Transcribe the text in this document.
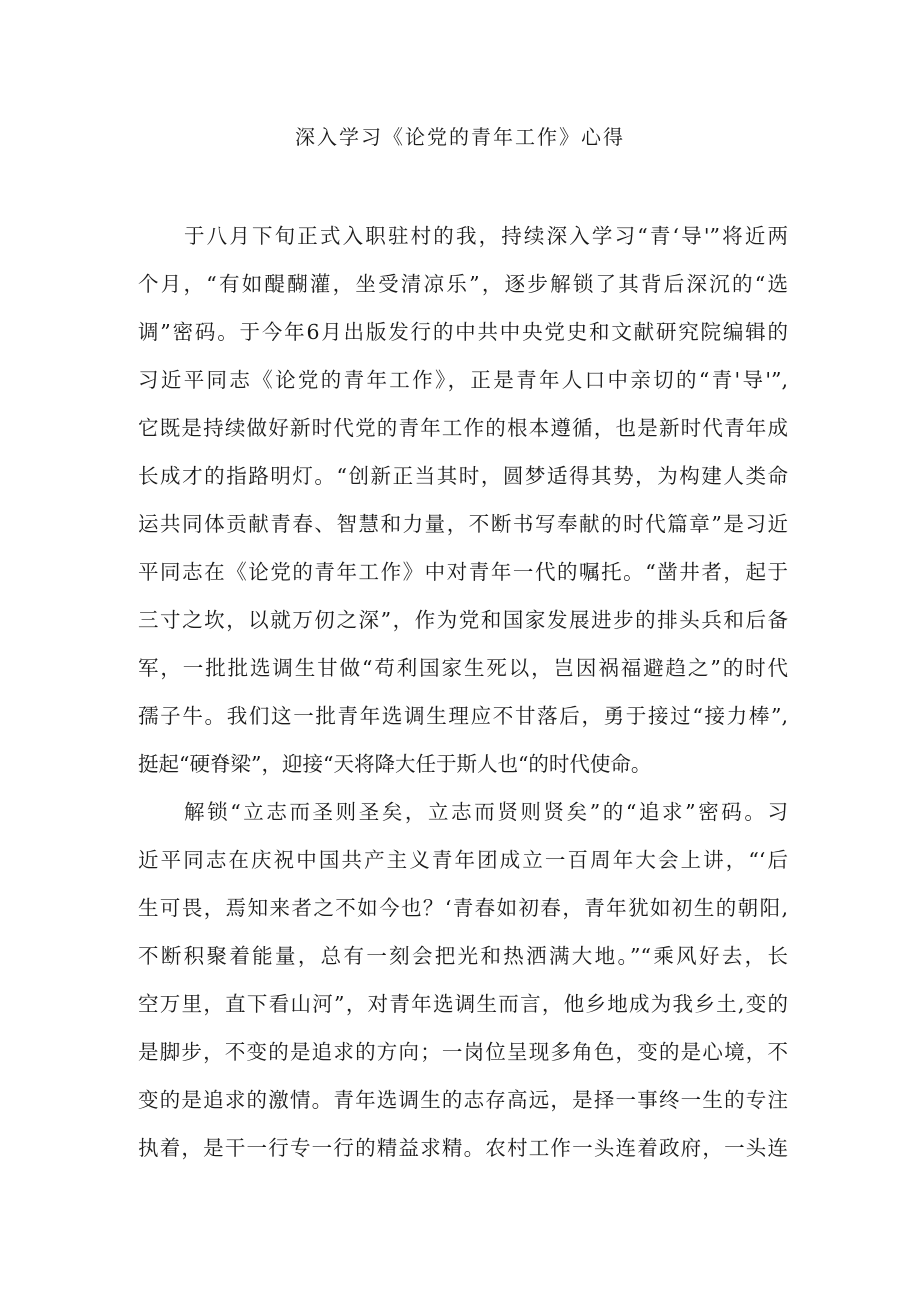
深入学习《论党的青年工作》心得
于八月下旬正式入职驻村的我，持续深入学习“青‘导'”将近两
个月，“有如醍醐灌，坐受清凉乐”，逐步解锁了其背后深沉的“选
调”密码。于今年6月出版发行的中共中央党史和文献研究院编辑的
习近平同志《论党的青年工作》，正是青年人口中亲切的“青'导'”,
它既是持续做好新时代党的青年工作的根本遵循，也是新时代青年成
长成才的指路明灯。“创新正当其时，圆梦适得其势，为构建人类命
运共同体贡献青春、智慧和力量，不断书写奉献的时代篇章”是习近
平同志在《论党的青年工作》中对青年一代的嘱托。“凿井者，起于
三寸之坎，以就万仞之深”，作为党和国家发展进步的排头兵和后备
军，一批批选调生甘做“苟利国家生死以，岂因祸福避趋之”的时代
孺子牛。我们这一批青年选调生理应不甘落后，勇于接过“接力棒”,
挺起“硬脊梁”，迎接“天将降大任于斯人也“的时代使命。
解锁“立志而圣则圣矣，立志而贤则贤矣”的“追求”密码。习
近平同志在庆祝中国共产主义青年团成立一百周年大会上讲，“‘后
生可畏，焉知来者之不如今也？‘青春如初春，青年犹如初生的朝阳,
不断积聚着能量，总有一刻会把光和热洒满大地。”“乘风好去，长
空万里，直下看山河”，对青年选调生而言，他乡地成为我乡土,变的
是脚步，不变的是追求的方向；一岗位呈现多角色，变的是心境，不
变的是追求的激情。青年选调生的志存高远，是择一事终一生的专注
执着，是干一行专一行的精益求精。农村工作一头连着政府，一头连
